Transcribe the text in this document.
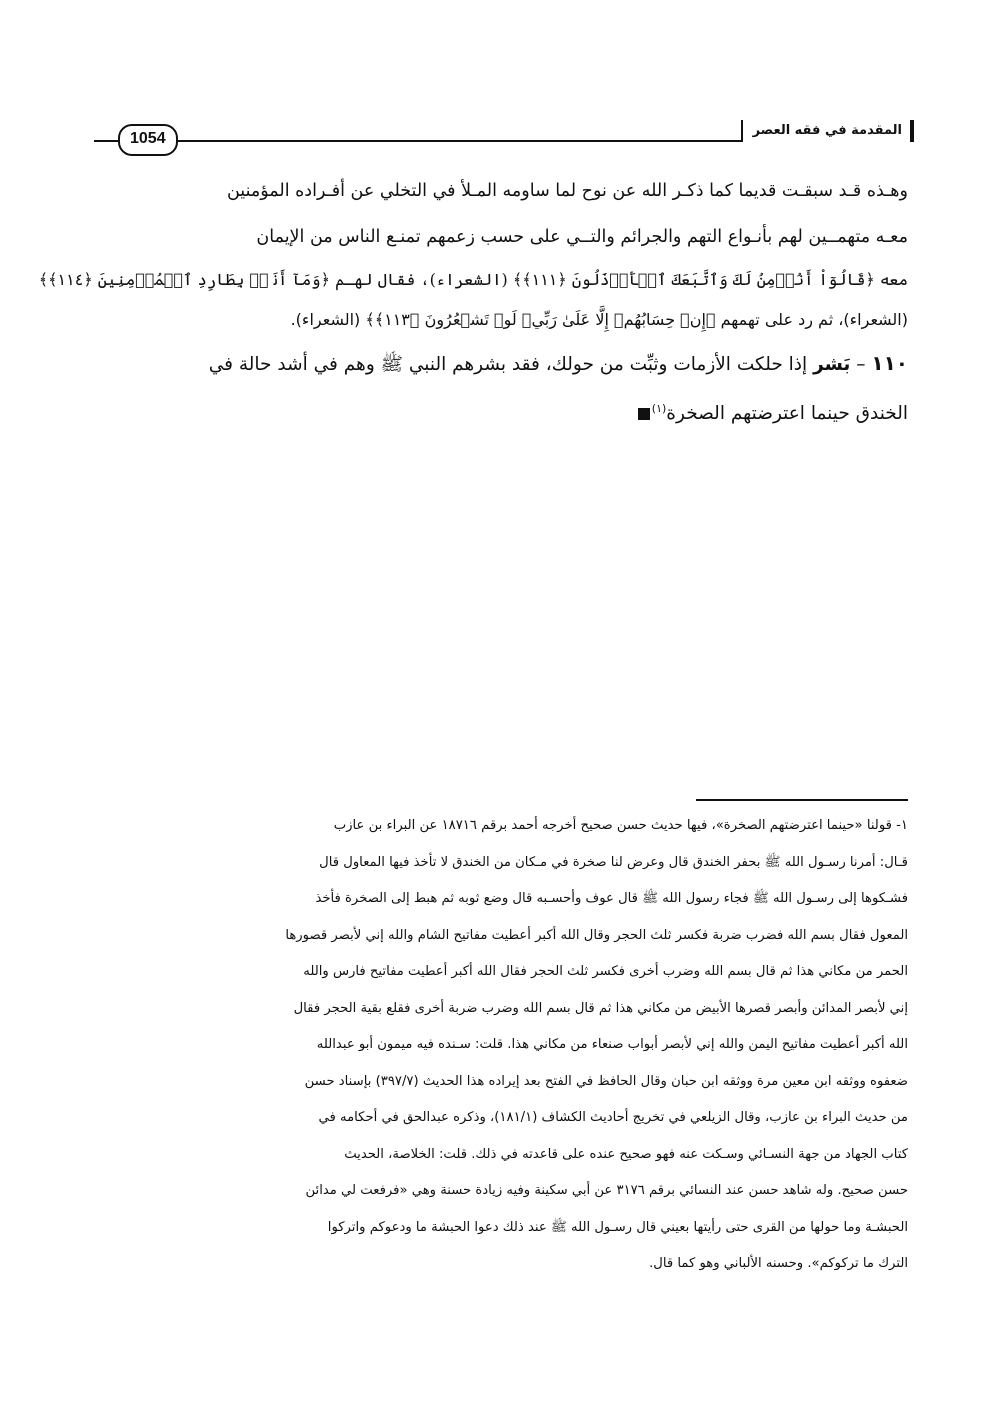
المقدمة في فقه العصر
1054
وهـذه قـد سبقـت قديما كما ذكـر الله عن نوح لما ساومه المـلأ في التخلي عن أفـراده المؤمنين
معـه متهمــين لهم بأنـواع التهم والجرائم والتــي على حسب زعمهم تمنـع الناس من الإيمان
معه ﴿قَالُوٓاْ أَنُؤۡمِنُ لَكَ وَٱتَّبَعَكَ ٱلۡأَرۡذَلُونَ ﴿١١١﴾﴾ (الشعراء)، فقال لهـم ﴿وَمَآ أَنَا۠ بِطَارِدِ ٱلۡمُؤۡمِنِينَ ﴿١١٤﴾﴾
(الشعراء)، ثم رد على تهمهم ﴿إِنۡ حِسَابُهُمۡ إِلَّا عَلَىٰ رَبِّيۖ لَوۡ تَشۡعُرُونَ ﴿١١٣﴾﴾ (الشعراء).
١١٠ – بَشر إذا حلكت الأزمات وثبِّت من حولك، فقد بشرهم النبي ﷺ وهم في أشد حالة في
الخندق حينما اعترضتهم الصخرة$^{(١)}$
١- قولنا «حينما اعترضتهم الصخرة»، فيها حديث حسن صحيح أخرجه أحمد برقم ١٨٧١٦ عن البراء بن عازب
قـال: أمرنا رسـول الله ﷺ بحفر الخندق قال وعرض لنا صخرة في مـكان من الخندق لا تأخذ فيها المعاول قال
فشـكوها إلى رسـول الله ﷺ فجاء رسول الله ﷺ قال عوف وأحسـبه قال وضع ثوبه ثم هبط إلى الصخرة فأخذ
المعول فقال بسم الله فضرب ضربة فكسر ثلث الحجر وقال الله أكبر أعطيت مفاتيح الشام والله إني لأبصر قصورها
الحمر من مكاني هذا ثم قال بسم الله وضرب أخرى فكسر ثلث الحجر فقال الله أكبر أعطيت مفاتيح فارس والله
إني لأبصر المدائن وأبصر قصرها الأبيض من مكاني هذا ثم قال بسم الله وضرب ضربة أخرى فقلع بقية الحجر فقال
الله أكبر أعطيت مفاتيح اليمن والله إني لأبصر أبواب صنعاء من مكاني هذا. قلت: سـنده فيه ميمون أبو عبدالله
ضعفوه ووثقه ابن معين مرة ووثقه ابن حبان وقال الحافظ في الفتح بعد إيراده هذا الحديث (٣٩٧/٧) بإسناد حسن
من حديث البراء بن عازب، وقال الزيلعي في تخريج أحاديث الكشاف (١٨١/١)، وذكره عبدالحق في أحكامه في
كتاب الجهاد من جهة النسـائي وسـكت عنه فهو صحيح عنده على قاعدته في ذلك. قلت: الخلاصة، الحديث
حسن صحيح. وله شاهد حسن عند النسائي برقم ٣١٧٦ عن أبي سكينة وفيه زيادة حسنة وهي «فرفعت لي مدائن
الحبشـة وما حولها من القرى حتى رأيتها بعيني قال رسـول الله ﷺ عند ذلك دعوا الحبشة ما ودعوكم واتركوا
الترك ما تركوكم». وحسنه الألباني وهو كما قال.
